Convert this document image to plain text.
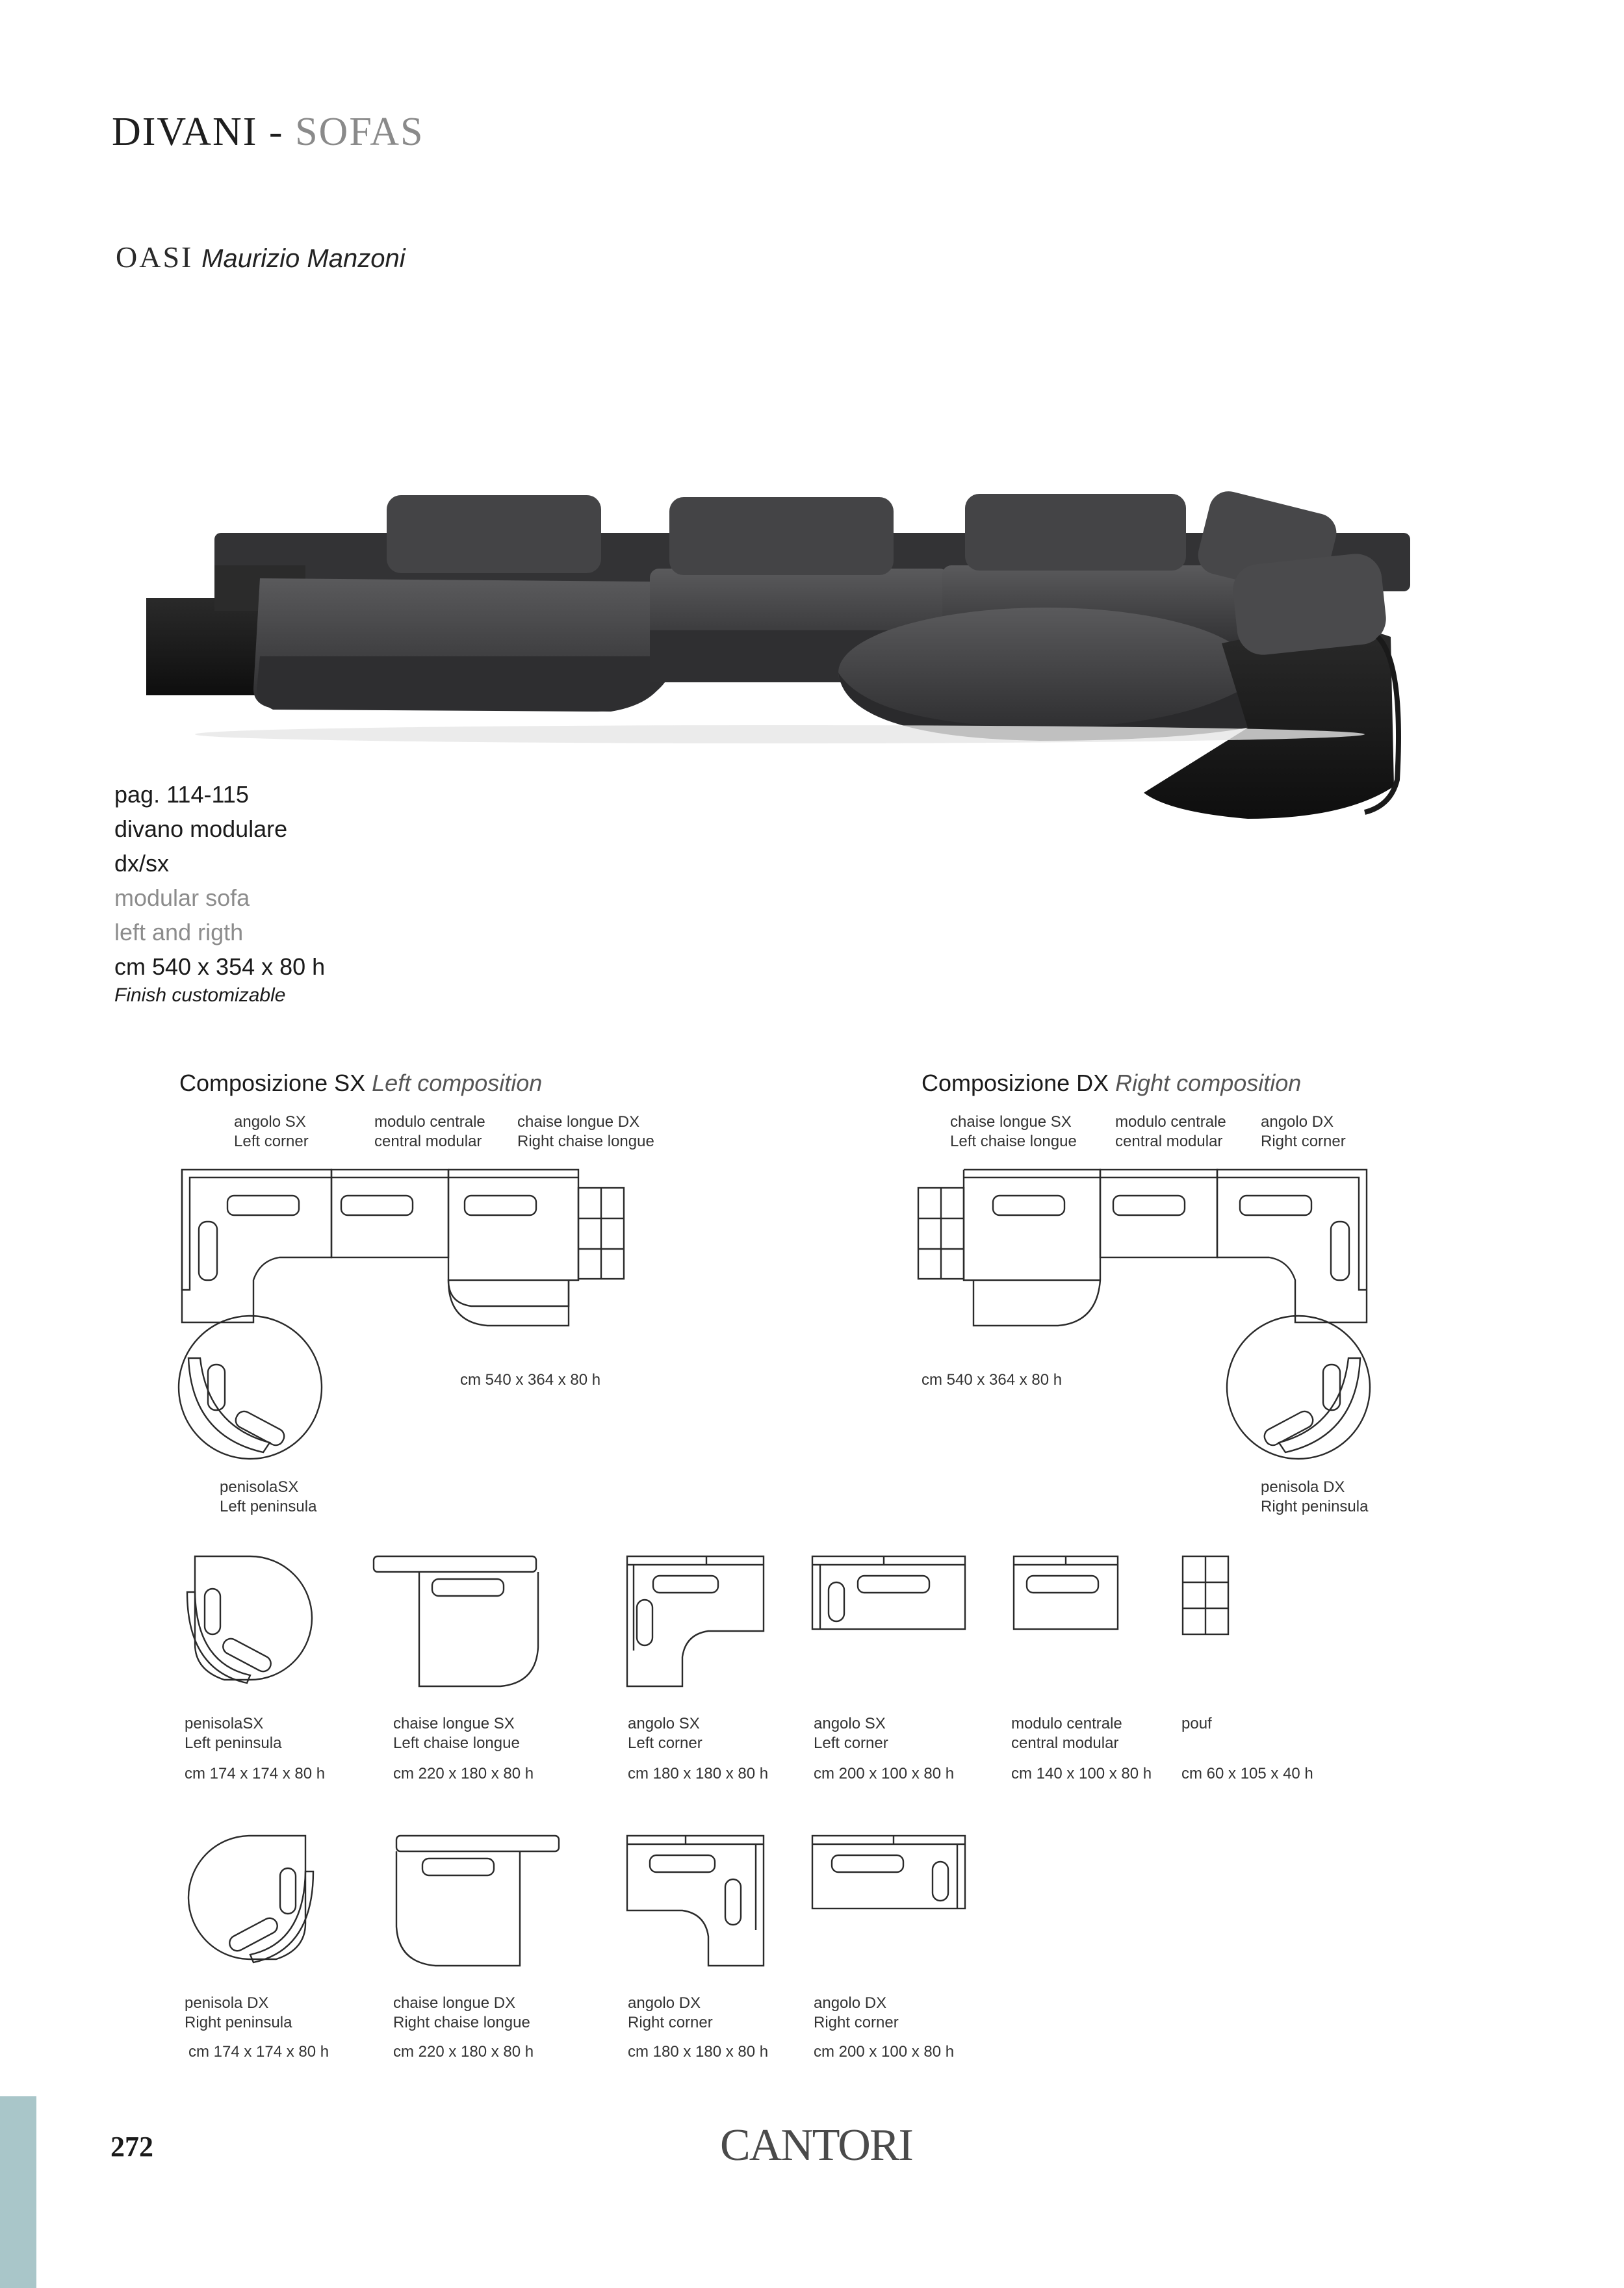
DIVANI - SOFAS
OASI Maurizio Manzoni
pag. 114-115
divano modulare
dx/sx
modular sofa
left and rigth
cm 540 x 354 x 80 h
Finish customizable
Composizione SX Left composition
angolo SX
Left corner
modulo centrale
central modular
chaise longue DX
Right chaise longue
cm 540 x 364 x 80 h
penisolaSX
Left peninsula
Composizione DX Right composition
chaise longue SX
Left chaise longue
modulo centrale
central modular
angolo DX
Right corner
cm 540 x 364 x 80 h
penisola DX
Right peninsula
penisolaSX
Left peninsula
cm 174 x 174 x 80 h
chaise longue SX
Left chaise longue
cm 220 x 180 x 80 h
angolo SX
Left corner
cm 180 x 180 x 80 h
angolo SX
Left corner
cm 200 x 100 x 80 h
modulo centrale
central modular
cm 140 x 100 x 80 h
pouf
cm 60 x 105 x 40 h
penisola DX
Right peninsula
cm 174 x 174 x 80 h
chaise longue DX
Right chaise longue
cm 220 x 180 x 80 h
angolo DX
Right corner
cm 180 x 180 x 80 h
angolo DX
Right corner
cm 200 x 100 x 80 h
272	CANTORI
